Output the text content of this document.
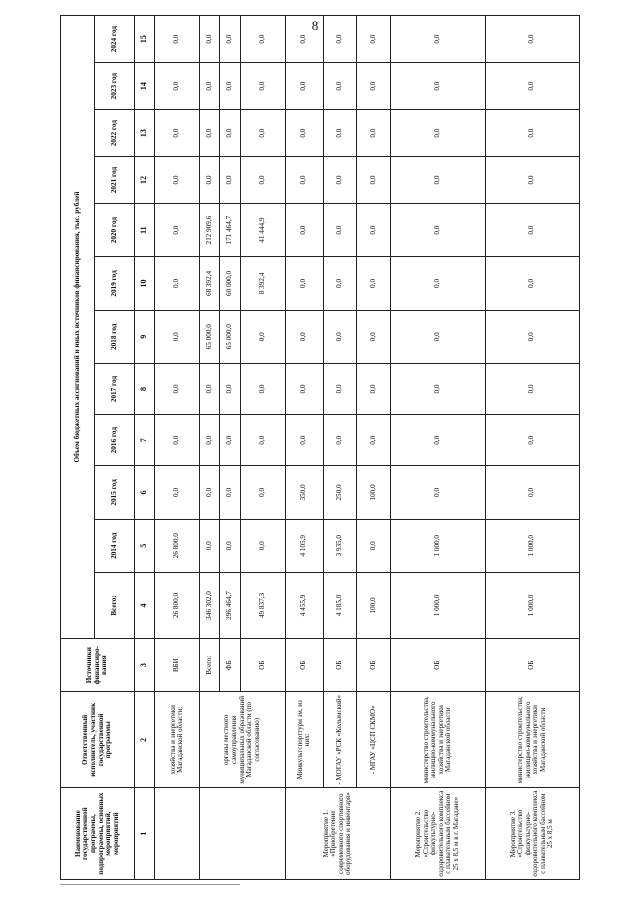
8
Наименование государственной программы, подпрограммы, основных мероприятий, мероприятий	Ответственный исполнитель, участник государственной программы	Источники финансиро-вания	Объем бюджетных ассигнований и иных источников финансирования, тыс. рублей											
			Всего:	2014 год	2015 год	2016 год	2017 год	2018 год	2019 год	2020 год	2021 год	2022 год	2023 год	2024 год
1	2	3	4	5	6	7	8	9	10	11	12	13	14	15
	хозяйства и энергетики Магаданской области;	ВБИ	26 800,0	26 800,0	0,0	0,0	0,0	0,0	0,0	0,0	0,0	0,0	0,0	0,0
	органы местного самоуправления муниципальных образований Магаданской области (по согласованию)	Всего:	346 302,0	0,0	0,0	0,0	0,0	65 000,0	68 392,4	212 909,6	0,0	0,0	0,0	0,0
		ФБ	296 464,7	0,0	0,0	0,0	0,0	65 000,0	60 000,0	171 464,7	0,0	0,0	0,0	0,0
		ОБ	49 837,3	0,0	0,0	0,0	0,0	0,0	8 392,4	41 444,9	0,0	0,0	0,0	0,0
Мероприятие 1. «Приобретение современного спортивного оборудования и инвентаря»	Минкультспорттури зм, из них:	ОБ	4 455,9	4 105,9	350,0	0,0	0,0	0,0	0,0	0,0	0,0	0,0	0,0	0,0
	- МОГАУ «РСК «Колымский»	ОБ	4 185,0	3 935,0	250,0	0,0	0,0	0,0	0,0	0,0	0,0	0,0	0,0	0,0
	- МГАУ «ЦСП СКМО»	ОБ	100,0	0,0	100,0	0,0	0,0	0,0	0,0	0,0	0,0	0,0	0,0	0,0
Мероприятие 2. «Строительство физкультурно-оздоровительного комплекса с плавательным бассейном 25 х 8,5 м в г. Магадане»	министерство строительства, жилищно-коммунального хозяйства и энергетики Магаданской области	ОБ	1 000,0	1 000,0	0,0	0,0	0,0	0,0	0,0	0,0	0,0	0,0	0,0	0,0
Мероприятие 3. «Строительство физкультурно-оздоровительного комплекса с плавательным бассейном 25 х 8,5 м	министерство строительства, жилищно-коммунального хозяйства и энергетики Магаданской области	ОБ	1 000,0	1 000,0	0,0	0,0	0,0	0,0	0,0	0,0	0,0	0,0	0,0	0,0
